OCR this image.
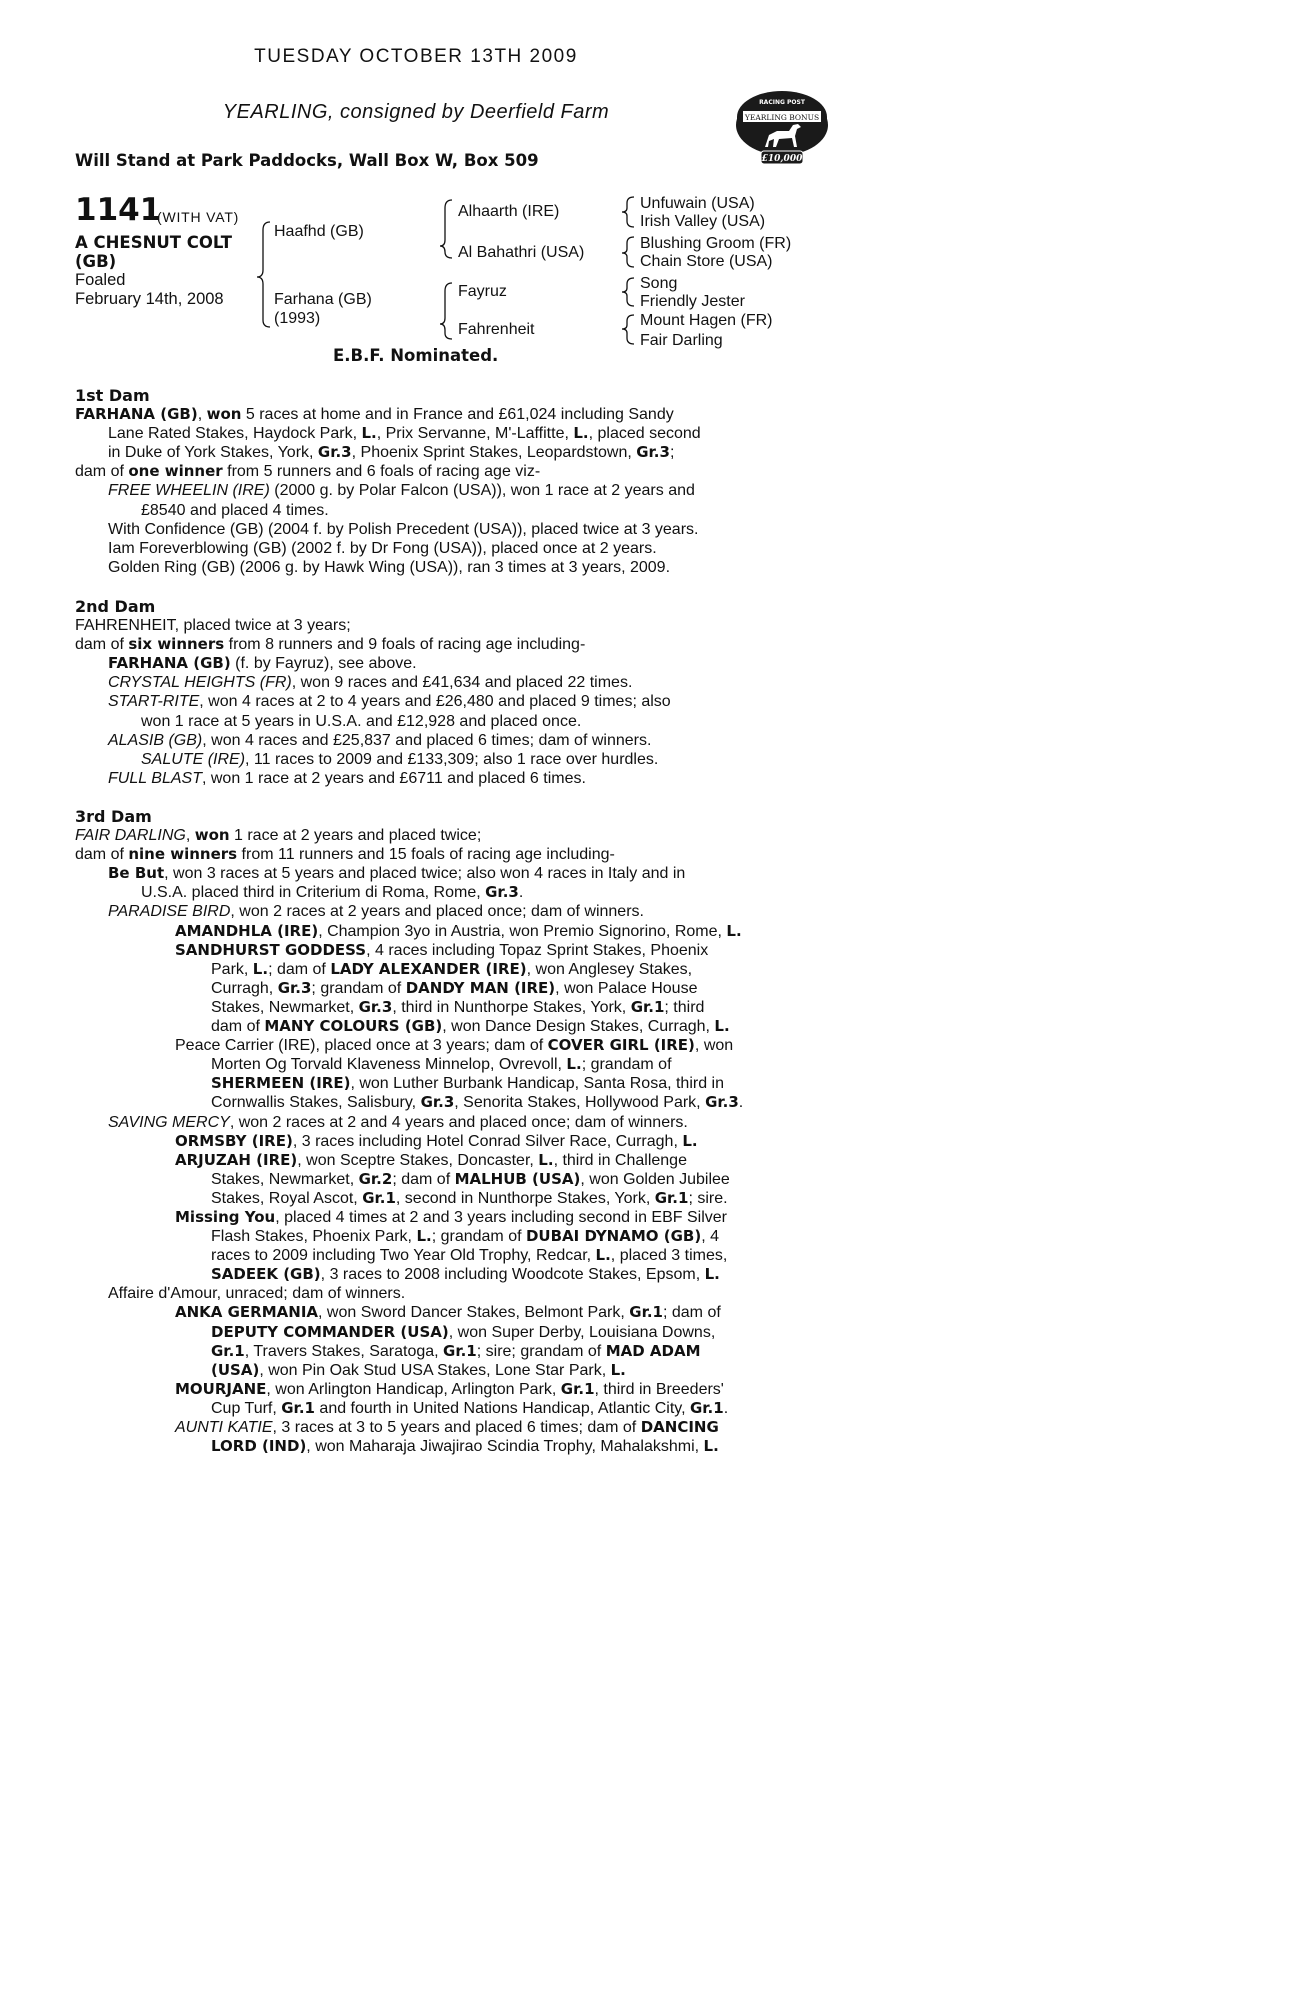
TUESDAY OCTOBER 13TH 2009
YEARLING, consigned by Deerfield Farm
Will Stand at Park Paddocks, Wall Box W, Box 509
RACING POST
YEARLING BONUS
£10,000
1141
(WITH VAT)
A CHESNUT COLT
(GB)
Foaled
February 14th, 2008
Haafhd (GB)
Farhana (GB)
(1993)
Alhaarth (IRE)
Al Bahathri (USA)
Fayruz
Fahrenheit
Unfuwain (USA)
Irish Valley (USA)
Blushing Groom (FR)
Chain Store (USA)
Song
Friendly Jester
Mount Hagen (FR)
Fair Darling
E.B.F. Nominated.
1st Dam
FARHANA (GB), won 5 races at home and in France and £61,024 including Sandy
Lane Rated Stakes, Haydock Park, L., Prix Servanne, M'-Laffitte, L., placed second
in Duke of York Stakes, York, Gr.3, Phoenix Sprint Stakes, Leopardstown, Gr.3;
dam of one winner from 5 runners and 6 foals of racing age viz-
FREE WHEELIN (IRE) (2000 g. by Polar Falcon (USA)), won 1 race at 2 years and
£8540 and placed 4 times.
With Confidence (GB) (2004 f. by Polish Precedent (USA)), placed twice at 3 years.
Iam Foreverblowing (GB) (2002 f. by Dr Fong (USA)), placed once at 2 years.
Golden Ring (GB) (2006 g. by Hawk Wing (USA)), ran 3 times at 3 years, 2009.
2nd Dam
FAHRENHEIT, placed twice at 3 years;
dam of six winners from 8 runners and 9 foals of racing age including-
FARHANA (GB) (f. by Fayruz), see above.
CRYSTAL HEIGHTS (FR), won 9 races and £41,634 and placed 22 times.
START-RITE, won 4 races at 2 to 4 years and £26,480 and placed 9 times; also
won 1 race at 5 years in U.S.A. and £12,928 and placed once.
ALASIB (GB), won 4 races and £25,837 and placed 6 times; dam of winners.
SALUTE (IRE), 11 races to 2009 and £133,309; also 1 race over hurdles.
FULL BLAST, won 1 race at 2 years and £6711 and placed 6 times.
3rd Dam
FAIR DARLING, won 1 race at 2 years and placed twice;
dam of nine winners from 11 runners and 15 foals of racing age including-
Be But, won 3 races at 5 years and placed twice; also won 4 races in Italy and in
U.S.A. placed third in Criterium di Roma, Rome, Gr.3.
PARADISE BIRD, won 2 races at 2 years and placed once; dam of winners.
AMANDHLA (IRE), Champion 3yo in Austria, won Premio Signorino, Rome, L.
SANDHURST GODDESS, 4 races including Topaz Sprint Stakes, Phoenix
Park, L.; dam of LADY ALEXANDER (IRE), won Anglesey Stakes,
Curragh, Gr.3; grandam of DANDY MAN (IRE), won Palace House
Stakes, Newmarket, Gr.3, third in Nunthorpe Stakes, York, Gr.1; third
dam of MANY COLOURS (GB), won Dance Design Stakes, Curragh, L.
Peace Carrier (IRE), placed once at 3 years; dam of COVER GIRL (IRE), won
Morten Og Torvald Klaveness Minnelop, Ovrevoll, L.; grandam of
SHERMEEN (IRE), won Luther Burbank Handicap, Santa Rosa, third in
Cornwallis Stakes, Salisbury, Gr.3, Senorita Stakes, Hollywood Park, Gr.3.
SAVING MERCY, won 2 races at 2 and 4 years and placed once; dam of winners.
ORMSBY (IRE), 3 races including Hotel Conrad Silver Race, Curragh, L.
ARJUZAH (IRE), won Sceptre Stakes, Doncaster, L., third in Challenge
Stakes, Newmarket, Gr.2; dam of MALHUB (USA), won Golden Jubilee
Stakes, Royal Ascot, Gr.1, second in Nunthorpe Stakes, York, Gr.1; sire.
Missing You, placed 4 times at 2 and 3 years including second in EBF Silver
Flash Stakes, Phoenix Park, L.; grandam of DUBAI DYNAMO (GB), 4
races to 2009 including Two Year Old Trophy, Redcar, L., placed 3 times,
SADEEK (GB), 3 races to 2008 including Woodcote Stakes, Epsom, L.
Affaire d'Amour, unraced; dam of winners.
ANKA GERMANIA, won Sword Dancer Stakes, Belmont Park, Gr.1; dam of
DEPUTY COMMANDER (USA), won Super Derby, Louisiana Downs,
Gr.1, Travers Stakes, Saratoga, Gr.1; sire; grandam of MAD ADAM
(USA), won Pin Oak Stud USA Stakes, Lone Star Park, L.
MOURJANE, won Arlington Handicap, Arlington Park, Gr.1, third in Breeders'
Cup Turf, Gr.1 and fourth in United Nations Handicap, Atlantic City, Gr.1.
AUNTI KATIE, 3 races at 3 to 5 years and placed 6 times; dam of DANCING
LORD (IND), won Maharaja Jiwajirao Scindia Trophy, Mahalakshmi, L.
